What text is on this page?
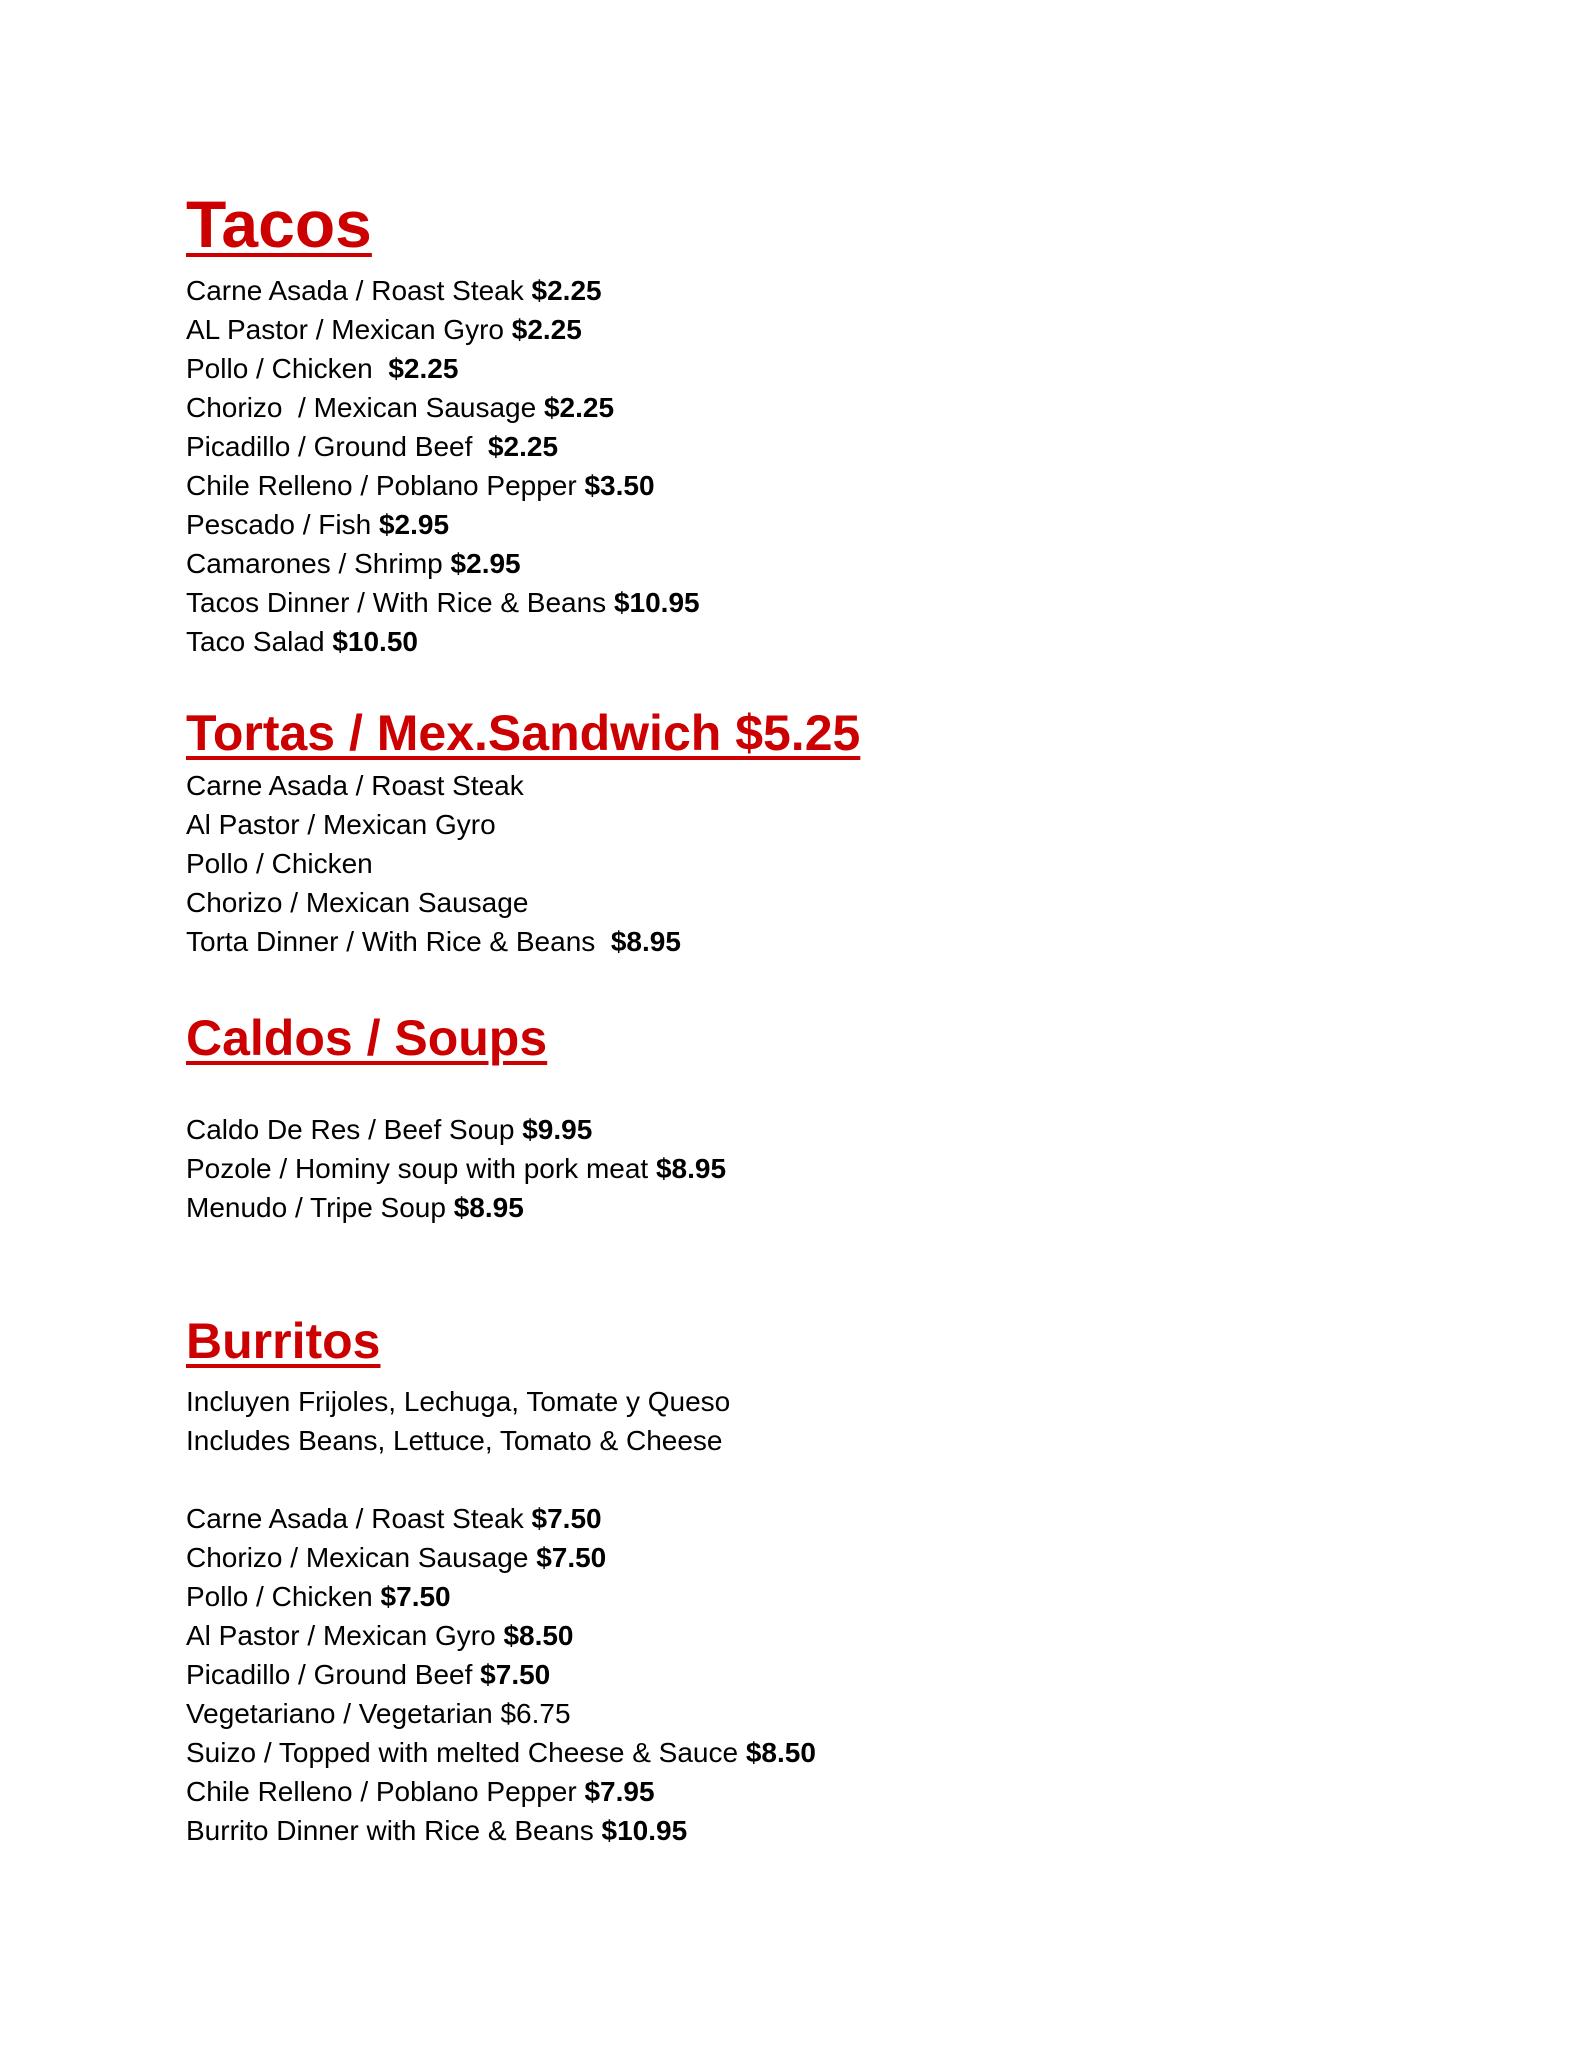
Tacos
Carne Asada / Roast Steak $2.25
AL Pastor / Mexican Gyro $2.25
Pollo / Chicken  $2.25
Chorizo  / Mexican Sausage $2.25
Picadillo / Ground Beef  $2.25
Chile Relleno / Poblano Pepper $3.50
Pescado / Fish $2.95
Camarones / Shrimp $2.95
Tacos Dinner / With Rice & Beans $10.95
Taco Salad $10.50
Tortas / Mex.Sandwich $5.25
Carne Asada / Roast Steak
Al Pastor / Mexican Gyro
Pollo / Chicken
Chorizo / Mexican Sausage
Torta Dinner / With Rice & Beans  $8.95
Caldos / Soups
Caldo De Res / Beef Soup $9.95
Pozole / Hominy soup with pork meat $8.95
Menudo / Tripe Soup $8.95
Burritos
Incluyen Frijoles, Lechuga, Tomate y Queso
Includes Beans, Lettuce, Tomato & Cheese
Carne Asada / Roast Steak $7.50
Chorizo / Mexican Sausage $7.50
Pollo / Chicken $7.50
Al Pastor / Mexican Gyro $8.50
Picadillo / Ground Beef $7.50
Vegetariano / Vegetarian $6.75
Suizo / Topped with melted Cheese & Sauce $8.50
Chile Relleno / Poblano Pepper $7.95
Burrito Dinner with Rice & Beans $10.95
